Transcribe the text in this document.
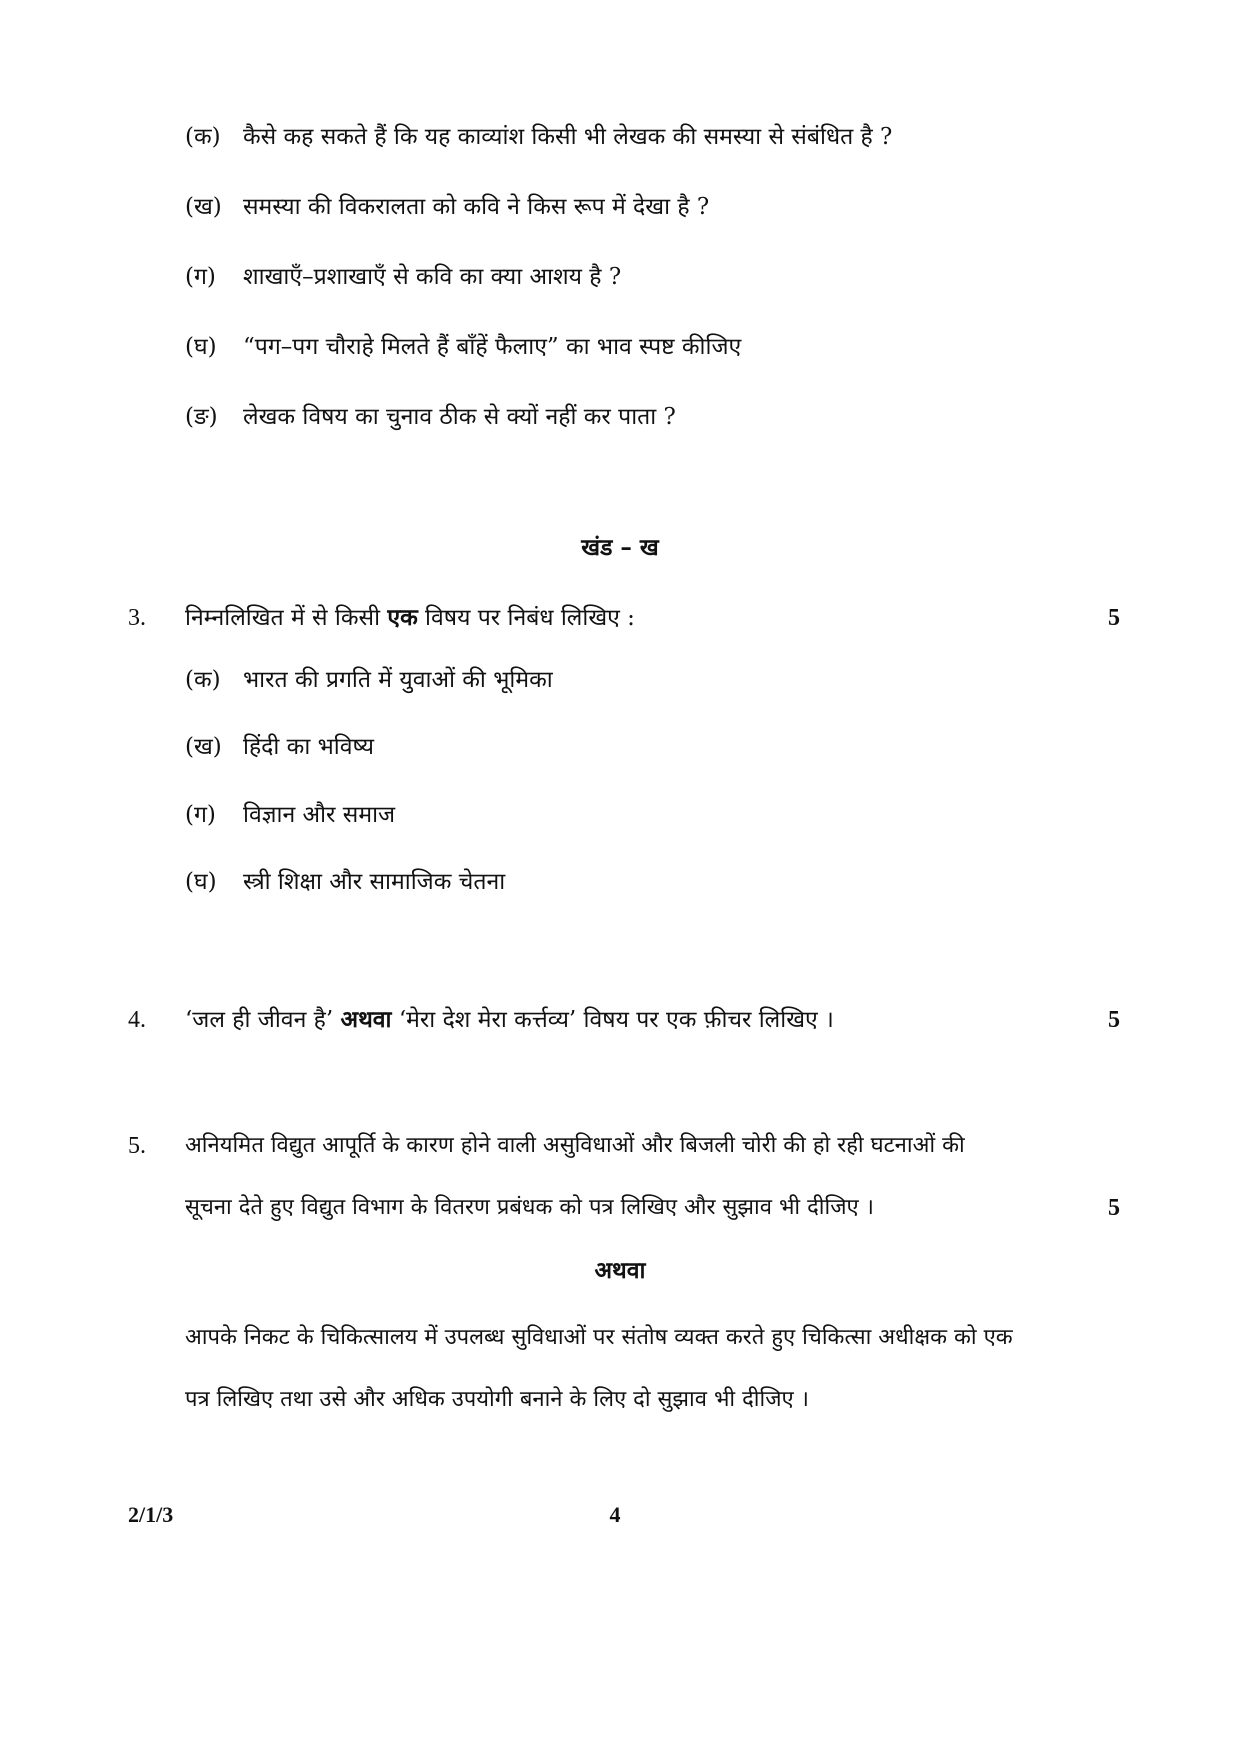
(क) कैसे कह सकते हैं कि यह काव्यांश किसी भी लेखक की समस्या से संबंधित है ?
(ख) समस्या की विकरालता को कवि ने किस रूप में देखा है ?
(ग) शाखाएँ–प्रशाखाएँ से कवि का क्या आशय है ?
(घ) “पग–पग चौराहे मिलते हैं बाँहें फैलाए” का भाव स्पष्ट कीजिए
(ङ) लेखक विषय का चुनाव ठीक से क्यों नहीं कर पाता ?
खंड – ख
3. निम्नलिखित में से किसी एक विषय पर निबंध लिखिए :	5
(क) भारत की प्रगति में युवाओं की भूमिका
(ख) हिंदी का भविष्य
(ग) विज्ञान और समाज
(घ) स्त्री शिक्षा और सामाजिक चेतना
4. ‘जल ही जीवन है’ अथवा ‘मेरा देश मेरा कर्त्तव्य’ विषय पर एक फ़ीचर लिखिए ।	5
5. अनियमित विद्युत आपूर्ति के कारण होने वाली असुविधाओं और बिजली चोरी की हो रही घटनाओं की
सूचना देते हुए विद्युत विभाग के वितरण प्रबंधक को पत्र लिखिए और सुझाव भी दीजिए ।	5
अथवा
आपके निकट के चिकित्सालय में उपलब्ध सुविधाओं पर संतोष व्यक्त करते हुए चिकित्सा अधीक्षक को एक
पत्र लिखिए तथा उसे और अधिक उपयोगी बनाने के लिए दो सुझाव भी दीजिए ।
2/1/3	4
